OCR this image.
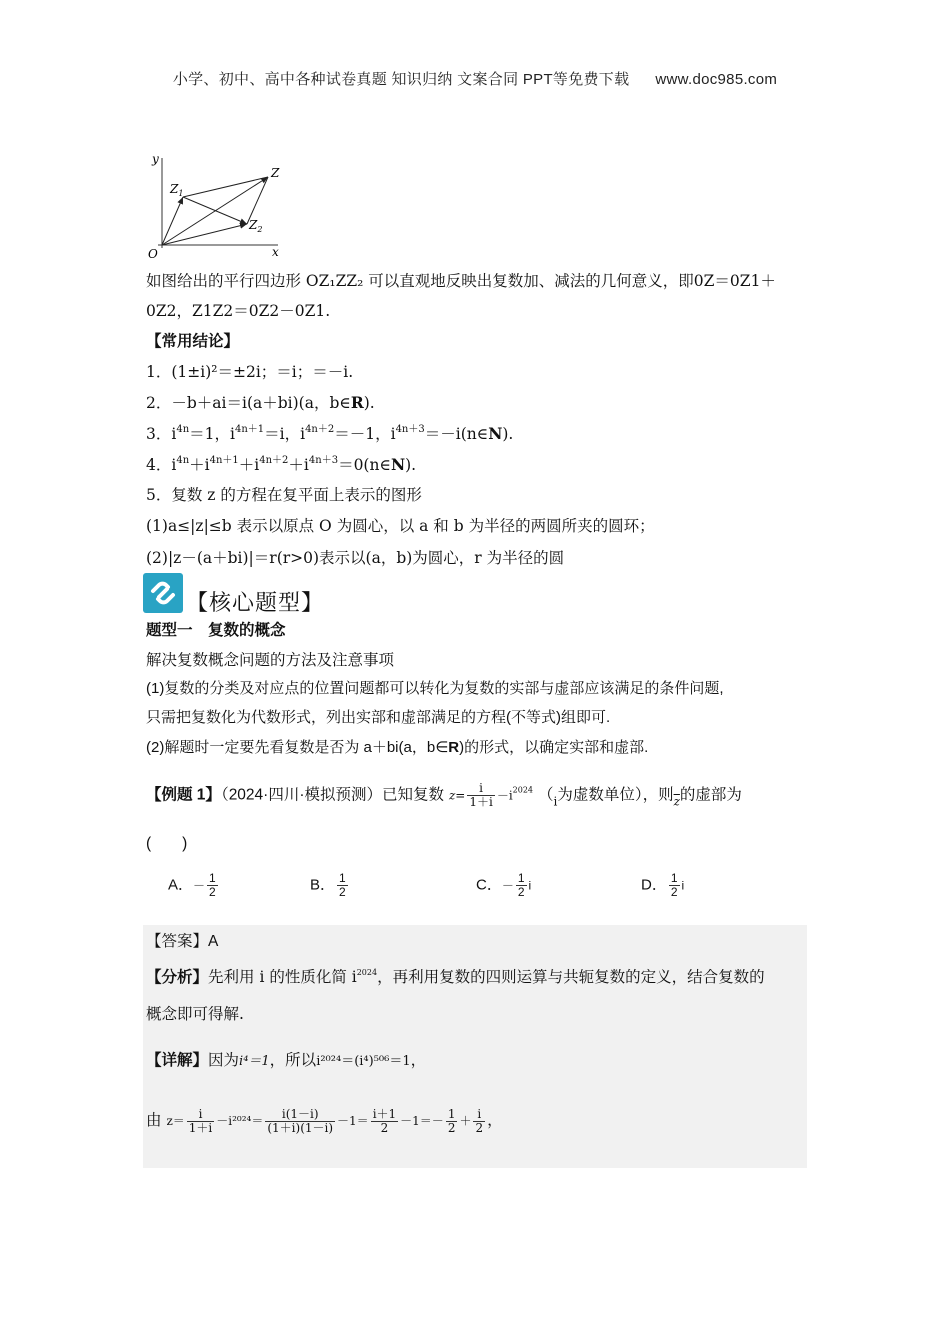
小学、初中、高中各种试卷真题 知识归纳 文案合同 PPT等免费下载 www.doc985.com
y
x
O
Z
$Z_1$
$Z_2$
如图给出的平行四边形 OZ₁ZZ₂ 可以直观地反映出复数加、减法的几何意义，即0Z＝0Z1＋
0Z2，Z1Z2＝0Z2－0Z1.
【常用结论】
1．(1±i)²＝±2i；＝i；＝－i.
2．－b＋ai＝i(a＋bi)(a，b∈R).
3．$i^{4n}=1$，$i^{4n+1}=i$，$i^{4n+2}=-1$，$i^{4n+3}=-i(n\in N)$.
4．$i^{4n}+i^{4n+1}+i^{4n+2}+i^{4n+3}=0(n\in N)$.
5．复数 z 的方程在复平面上表示的图形
(1)a≤|z|≤b 表示以原点 O 为圆心，以 a 和 b 为半径的两圆所夹的圆环；
(2)|z－(a＋bi)|＝r(r>0)表示以(a，b)为圆心，r 为半径的圆
【核心题型】
题型一　复数的概念
解决复数概念问题的方法及注意事项
(1)复数的分类及对应点的位置问题都可以转化为复数的实部与虚部应该满足的条件问题,
只需把复数化为代数形式，列出实部和虚部满足的方程(不等式)组即可.
(2)解题时一定要先看复数是否为 a＋bi(a，b∈R)的形式，以确定实部和虚部.
【例题 1】（2024·四川·模拟预测）已知复数 $z= \frac{i}{1+i} -i^{2024}$ （$_i$为虚数单位），则$_{\overline{z}}$的虚部为
(　　)
A．－ $\frac{1}{2}$	B． $\frac{1}{2}$	C．－ $\frac{1}{2}$ i	D． $\frac{1}{2}$ i
【答案】A
【分析】先利用 i 的性质化简 $i^{2024}$，再利用复数的四则运算与共轭复数的定义，结合复数的
概念即可得解.
【详解】因为i⁴＝1，所以i²⁰²⁴＝(i⁴)⁵⁰⁶＝1，
由 $z= \frac{i}{1+i} -i^{2024}= \frac{i(1-i)}{(1+i)(1-i)} -1= \frac{i+1}{2} -1=- \frac{1}{2} + \frac{i}{2}$ ，
